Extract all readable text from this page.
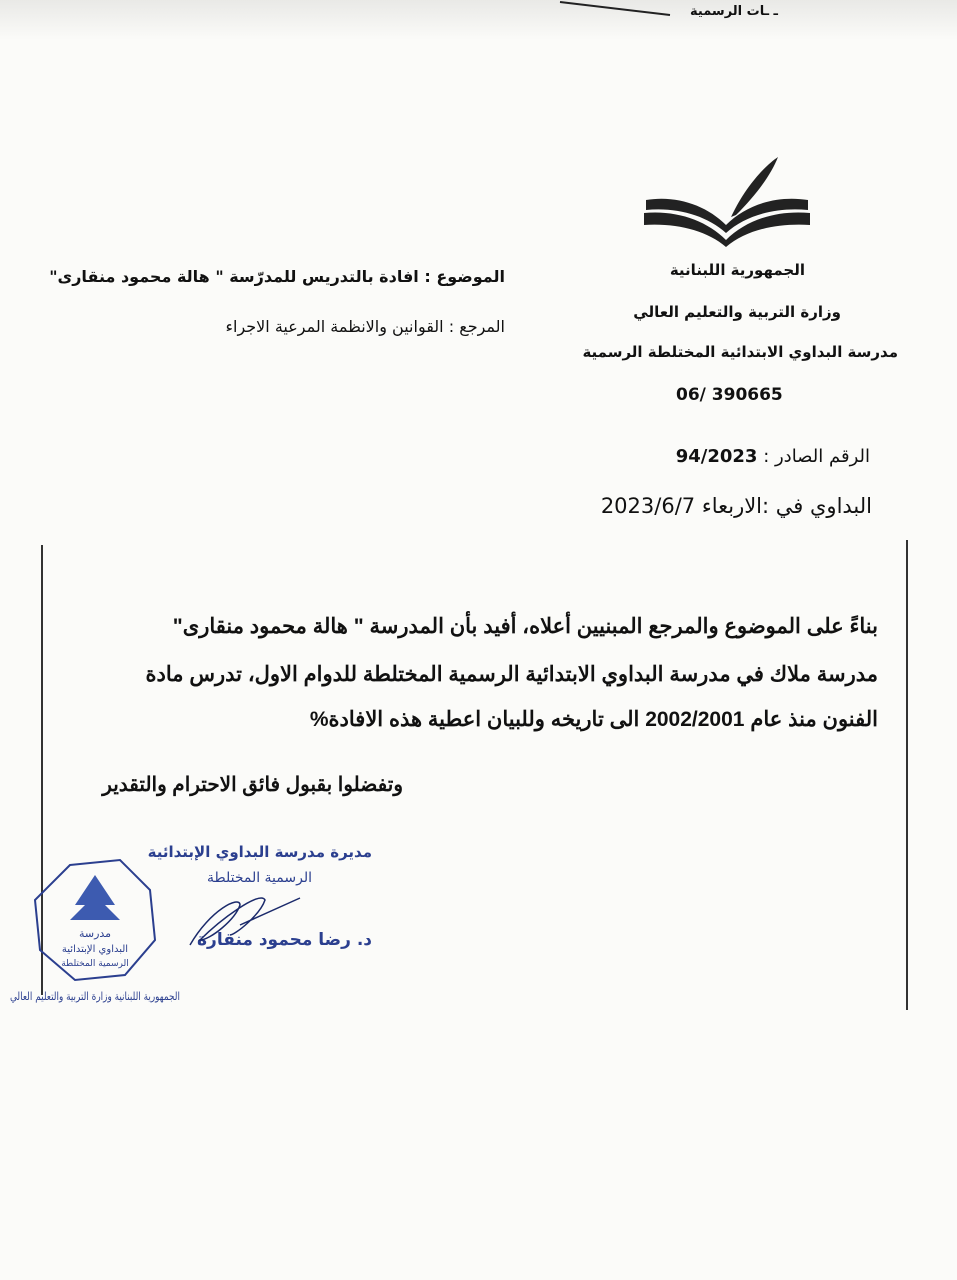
ـ ـات الرسمية
الجمهورية اللبنانية
وزارة التربية والتعليم العالي
مدرسة البداوي الابتدائية المختلطة الرسمية
06/ 390665
الموضوع : افادة بالتدريس للمدرّسة " هالة محمود منقارى"
المرجع : القوانين والانظمة المرعية الاجراء
الرقم الصادر : 94/2023
البداوي في :الاربعاء 2023/6/7
بناءً على الموضوع والمرجع المبنيين أعلاه، أفيد بأن المدرسة " هالة محمود منقارى"
مدرسة ملاك في مدرسة البداوي الابتدائية الرسمية المختلطة للدوام الاول، تدرس مادة
الفنون منذ عام 2002/2001 الى تاريخه وللبيان اعطية هذه الافادة%
وتفضلوا بقبول فائق الاحترام والتقدير
مديرة مدرسة البداوي الإبتدائية
الرسمية المختلطة
د. رضا محمود منقارة
مدرسة
البداوي الإبتدائية
الرسمية المختلطة
الجمهورية اللبنانية وزارة التربية والتعليم العالي
